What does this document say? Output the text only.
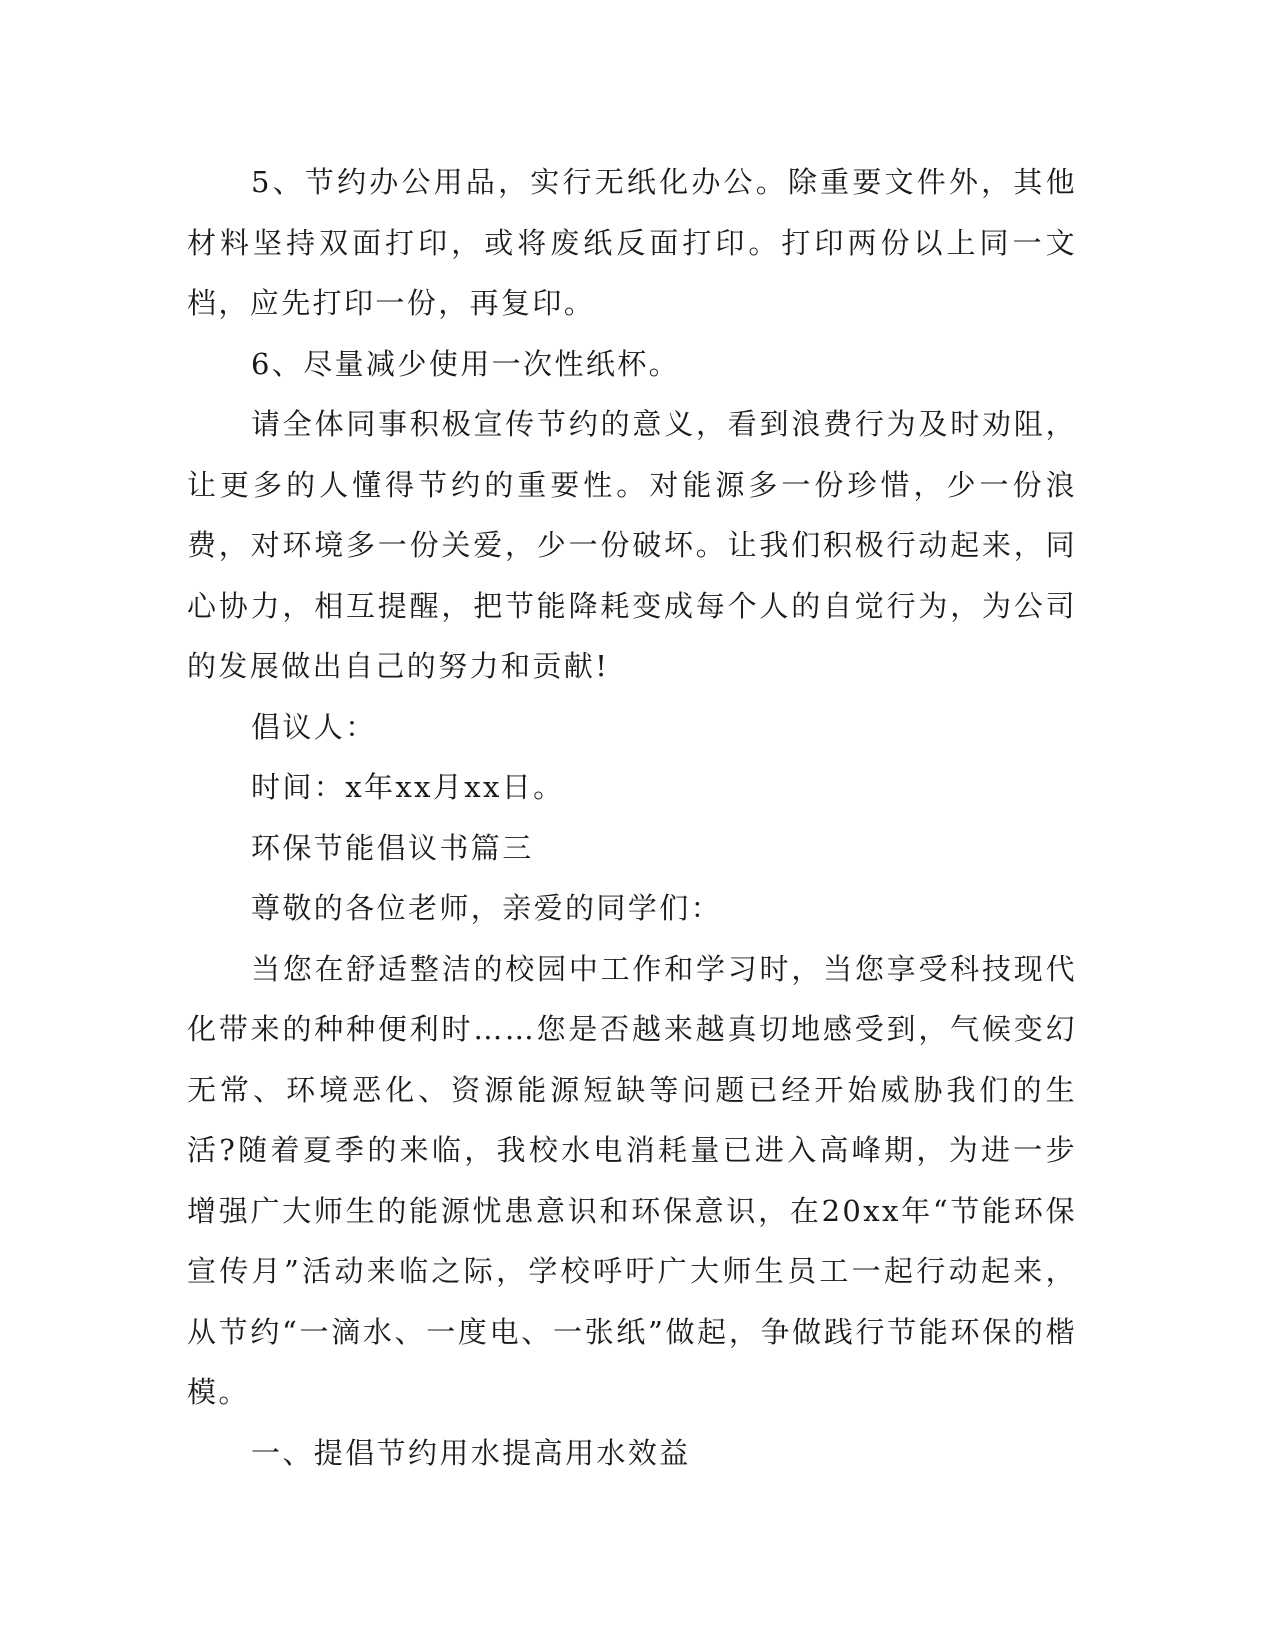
5、节约办公用品，实行无纸化办公。除重要文件外，其他材料坚持双面打印，或将废纸反面打印。打印两份以上同一文档，应先打印一份，再复印。

6、尽量减少使用一次性纸杯。

请全体同事积极宣传节约的意义，看到浪费行为及时劝阻，让更多的人懂得节约的重要性。对能源多一份珍惜，少一份浪费，对环境多一份关爱，少一份破坏。让我们积极行动起来，同心协力，相互提醒，把节能降耗变成每个人的自觉行为，为公司的发展做出自己的努力和贡献!

倡议人：

时间：x年xx月xx日。

环保节能倡议书篇三

尊敬的各位老师，亲爱的同学们：

当您在舒适整洁的校园中工作和学习时，当您享受科技现代化带来的种种便利时……您是否越来越真切地感受到，气候变幻无常、环境恶化、资源能源短缺等问题已经开始威胁我们的生活?随着夏季的来临，我校水电消耗量已进入高峰期，为进一步增强广大师生的能源忧患意识和环保意识，在20xx年“节能环保宣传月”活动来临之际，学校呼吁广大师生员工一起行动起来，从节约“一滴水、一度电、一张纸”做起，争做践行节能环保的楷模。

一、提倡节约用水提高用水效益
